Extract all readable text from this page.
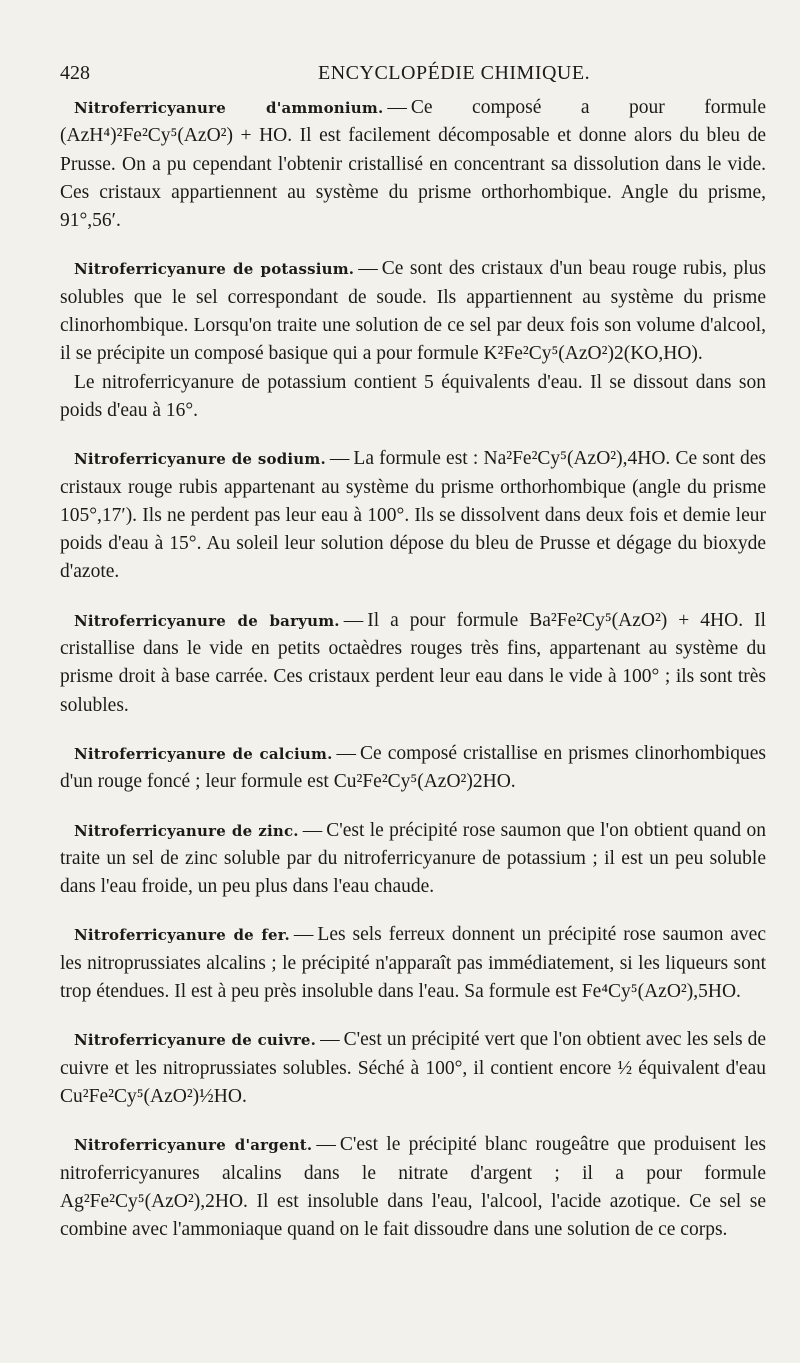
428	ENCYCLOPÉDIE CHIMIQUE.

Nitroferricyanure d'ammonium. — Ce composé a pour formule (AzH⁴)²Fe²Cy⁵(AzO²) + HO. Il est facilement décomposable et donne alors du bleu de Prusse. On a pu cependant l'obtenir cristallisé en concentrant sa dissolution dans le vide. Ces cristaux appartiennent au système du prisme orthorhombique. Angle du prisme, 91°,56′.

Nitroferricyanure de potassium. — Ce sont des cristaux d'un beau rouge rubis, plus solubles que le sel correspondant de soude. Ils appartiennent au système du prisme clinorhombique. Lorsqu'on traite une solution de ce sel par deux fois son volume d'alcool, il se précipite un composé basique qui a pour formule K²Fe²Cy⁵(AzO²)2(KO,HO).

Le nitroferricyanure de potassium contient 5 équivalents d'eau. Il se dissout dans son poids d'eau à 16°.

Nitroferricyanure de sodium. — La formule est : Na²Fe²Cy⁵(AzO²),4HO. Ce sont des cristaux rouge rubis appartenant au système du prisme orthorhombique (angle du prisme 105°,17′). Ils ne perdent pas leur eau à 100°. Ils se dissolvent dans deux fois et demie leur poids d'eau à 15°. Au soleil leur solution dépose du bleu de Prusse et dégage du bioxyde d'azote.

Nitroferricyanure de baryum. — Il a pour formule Ba²Fe²Cy⁵(AzO²) + 4HO. Il cristallise dans le vide en petits octaèdres rouges très fins, appartenant au système du prisme droit à base carrée. Ces cristaux perdent leur eau dans le vide à 100° ; ils sont très solubles.

Nitroferricyanure de calcium. — Ce composé cristallise en prismes clinorhombiques d'un rouge foncé ; leur formule est Cu²Fe²Cy⁵(AzO²)2HO.

Nitroferricyanure de zinc. — C'est le précipité rose saumon que l'on obtient quand on traite un sel de zinc soluble par du nitroferricyanure de potassium ; il est un peu soluble dans l'eau froide, un peu plus dans l'eau chaude.

Nitroferricyanure de fer. — Les sels ferreux donnent un précipité rose saumon avec les nitroprussiates alcalins ; le précipité n'apparaît pas immédiatement, si les liqueurs sont trop étendues. Il est à peu près insoluble dans l'eau. Sa formule est Fe⁴Cy⁵(AzO²),5HO.

Nitroferricyanure de cuivre. — C'est un précipité vert que l'on obtient avec les sels de cuivre et les nitroprussiates solubles. Séché à 100°, il contient encore ½ équivalent d'eau Cu²Fe²Cy⁵(AzO²)½HO.

Nitroferricyanure d'argent. — C'est le précipité blanc rougeâtre que produisent les nitroferricyanures alcalins dans le nitrate d'argent ; il a pour formule Ag²Fe²Cy⁵(AzO²),2HO. Il est insoluble dans l'eau, l'alcool, l'acide azotique. Ce sel se combine avec l'ammoniaque quand on le fait dissoudre dans une solution de ce corps.
